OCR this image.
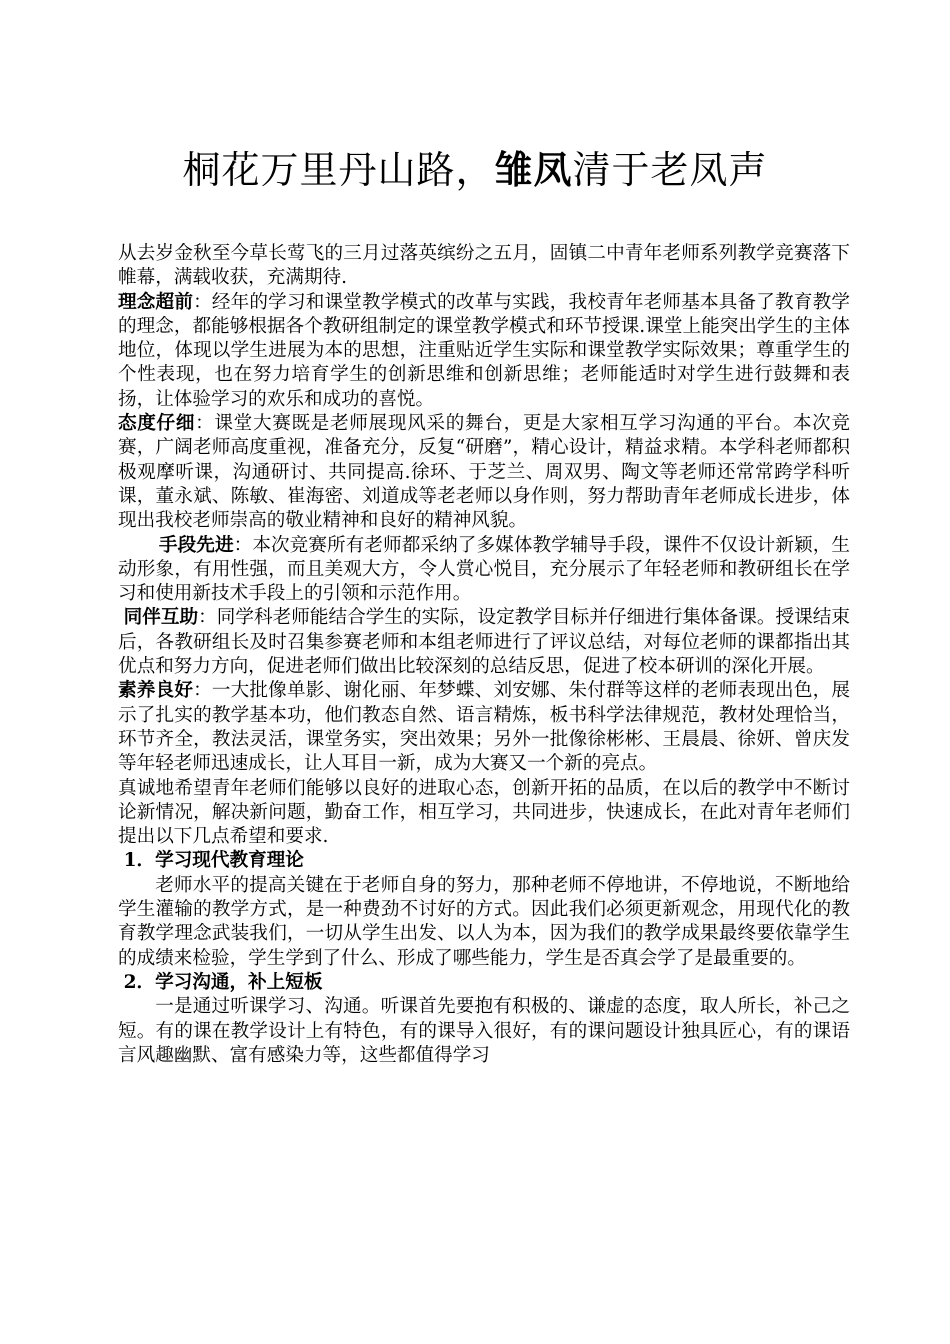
桐花万里丹山路，雏凤清于老凤声

从去岁金秋至今草长莺飞的三月过落英缤纷之五月，固镇二中青年老师系列教学竞赛落下帷幕，满载收获，充满期待.

理念超前：经年的学习和课堂教学模式的改革与实践，我校青年老师基本具备了教育教学的理念，都能够根据各个教研组制定的课堂教学模式和环节授课.课堂上能突出学生的主体地位，体现以学生进展为本的思想，注重贴近学生实际和课堂教学实际效果；尊重学生的个性表现，也在努力培育学生的创新思维和创新思维；老师能适时对学生进行鼓舞和表扬，让体验学习的欢乐和成功的喜悦。

态度仔细：课堂大赛既是老师展现风采的舞台，更是大家相互学习沟通的平台。本次竞赛，广阔老师高度重视，准备充分，反复“研磨”，精心设计，精益求精。本学科老师都积极观摩听课，沟通研讨、共同提高.徐环、于芝兰、周双男、陶文等老师还常常跨学科听课，董永斌、陈敏、崔海密、刘道成等老老师以身作则，努力帮助青年老师成长进步，体现出我校老师崇高的敬业精神和良好的精神风貌。

手段先进：本次竞赛所有老师都采纳了多媒体教学辅导手段，课件不仅设计新颖，生动形象，有用性强，而且美观大方，令人赏心悦目，充分展示了年轻老师和教研组长在学习和使用新技术手段上的引领和示范作用。

同伴互助：同学科老师能结合学生的实际，设定教学目标并仔细进行集体备课。授课结束后，各教研组长及时召集参赛老师和本组老师进行了评议总结，对每位老师的课都指出其优点和努力方向，促进老师们做出比较深刻的总结反思，促进了校本研训的深化开展。

素养良好：一大批像单影、谢化丽、年梦蝶、刘安娜、朱付群等这样的老师表现出色，展示了扎实的教学基本功，他们教态自然、语言精炼，板书科学法律规范，教材处理恰当，环节齐全，教法灵活，课堂务实，突出效果；另外一批像徐彬彬、王晨晨、徐妍、曾庆发等年轻老师迅速成长，让人耳目一新，成为大赛又一个新的亮点。

真诚地希望青年老师们能够以良好的进取心态，创新开拓的品质，在以后的教学中不断讨论新情况，解决新问题，勤奋工作，相互学习，共同进步，快速成长，在此对青年老师们提出以下几点希望和要求.

1．学习现代教育理论

老师水平的提高关键在于老师自身的努力，那种老师不停地讲，不停地说，不断地给学生灌输的教学方式，是一种费劲不讨好的方式。因此我们必须更新观念，用现代化的教育教学理念武装我们，一切从学生出发、以人为本，因为我们的教学成果最终要依靠学生的成绩来检验，学生学到了什么、形成了哪些能力，学生是否真会学了是最重要的。

2．学习沟通，补上短板

一是通过听课学习、沟通。听课首先要抱有积极的、谦虚的态度，取人所长，补己之短。有的课在教学设计上有特色，有的课导入很好，有的课问题设计独具匠心，有的课语言风趣幽默、富有感染力等，这些都值得学习
